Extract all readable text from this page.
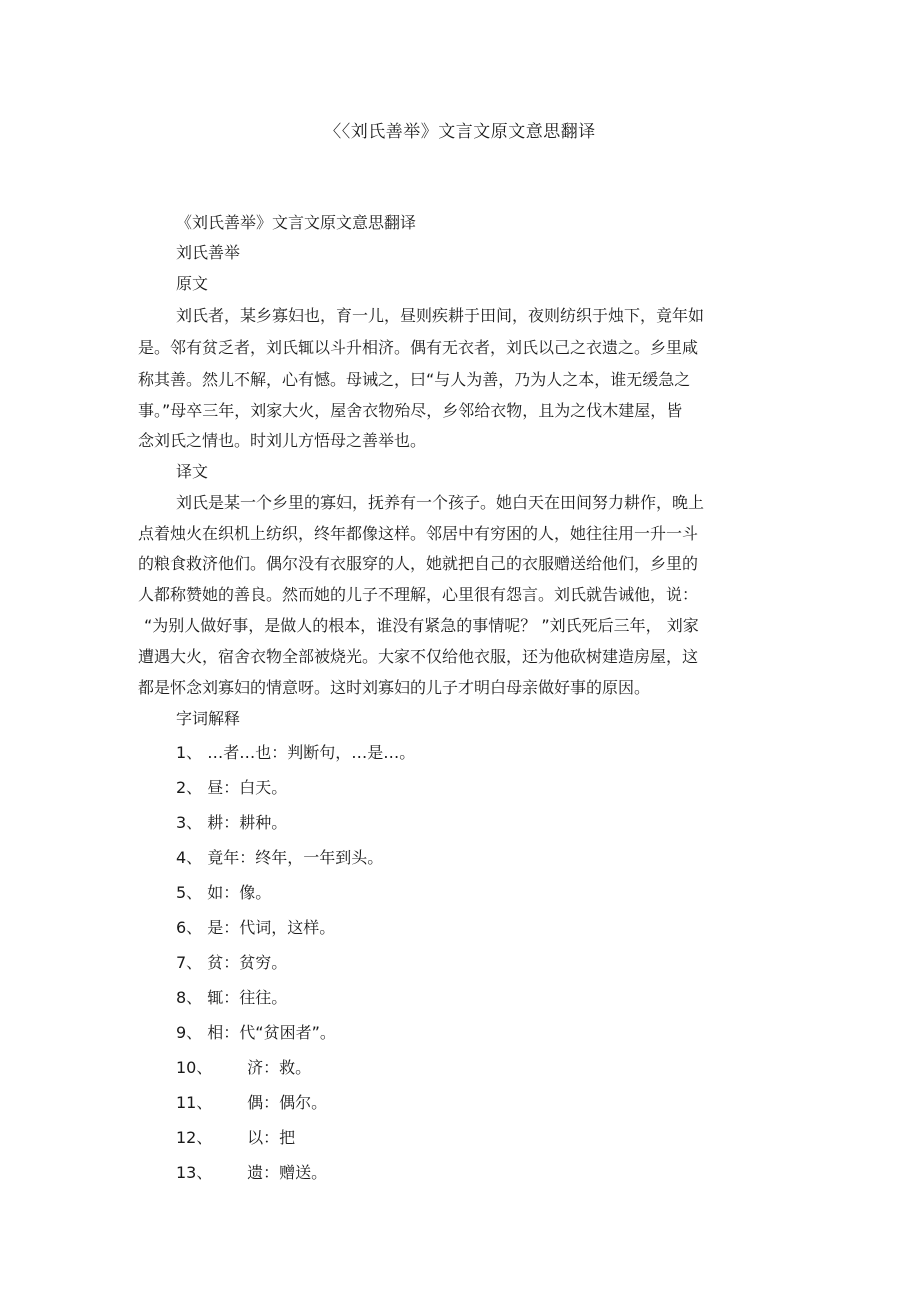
〈〈刘氏善举》文言文原文意思翻译
《刘氏善举》文言文原文意思翻译
刘氏善举
原文
刘氏者，某乡寡妇也，育一儿，昼则疾耕于田间，夜则纺织于烛下，竟年如
是。邻有贫乏者，刘氏辄以斗升相济。偶有无衣者，刘氏以己之衣遗之。乡里咸
称其善。然儿不解，心有憾。母诫之，曰“与人为善，乃为人之本，谁无缓急之
事。”母卒三年，刘家大火，屋舍衣物殆尽，乡邻给衣物，且为之伐木建屋，皆
念刘氏之情也。时刘儿方悟母之善举也。
译文
刘氏是某一个乡里的寡妇，抚养有一个孩子。她白天在田间努力耕作，晚上
点着烛火在织机上纺织，终年都像这样。邻居中有穷困的人，她往往用一升一斗
的粮食救济他们。偶尔没有衣服穿的人，她就把自己的衣服赠送给他们，乡里的
人都称赞她的善良。然而她的儿子不理解，心里很有怨言。刘氏就告诫他，说：
“为别人做好事，是做人的根本，谁没有紧急的事情呢？ ”刘氏死后三年， 刘家
遭遇大火，宿舍衣物全部被烧光。大家不仅给他衣服，还为他砍树建造房屋，这
都是怀念刘寡妇的情意呀。这时刘寡妇的儿子才明白母亲做好事的原因。
字词解释
1、 …者…也：判断句，…是…。
2、 昼：白天。
3、 耕：耕种。
4、 竟年：终年，一年到头。
5、 如：像。
6、 是：代词，这样。
7、 贫：贫穷。
8、 辄：往往。
9、 相：代“贫困者”。
10、 济：救。
11、 偶：偶尔。
12、 以：把
13、 遗：赠送。
